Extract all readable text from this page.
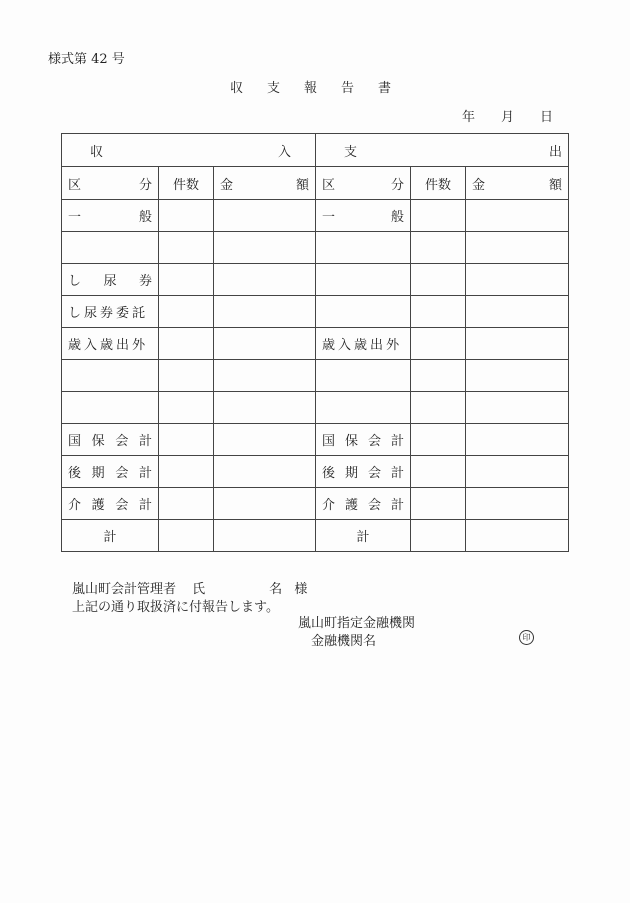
様式第 42 号
収支報告書
年 月 日
収 入			支 出		

区 分	件数	金 額	区 分	件数	金 額

一 般			一 般		

し 尿 券					

し 尿 券 委 託					

歳 入 歳 出 外			歳 入 歳 出 外		

国 保 会 計			国 保 会 計		

後 期 会 計			後 期 会 計		

介 護 会 計			介 護 会 計		

計			計		

嵐山町会計管理者 氏	名 様
上記の通り取扱済に付報告します。
嵐山町指定金融機関
金融機関名	印
